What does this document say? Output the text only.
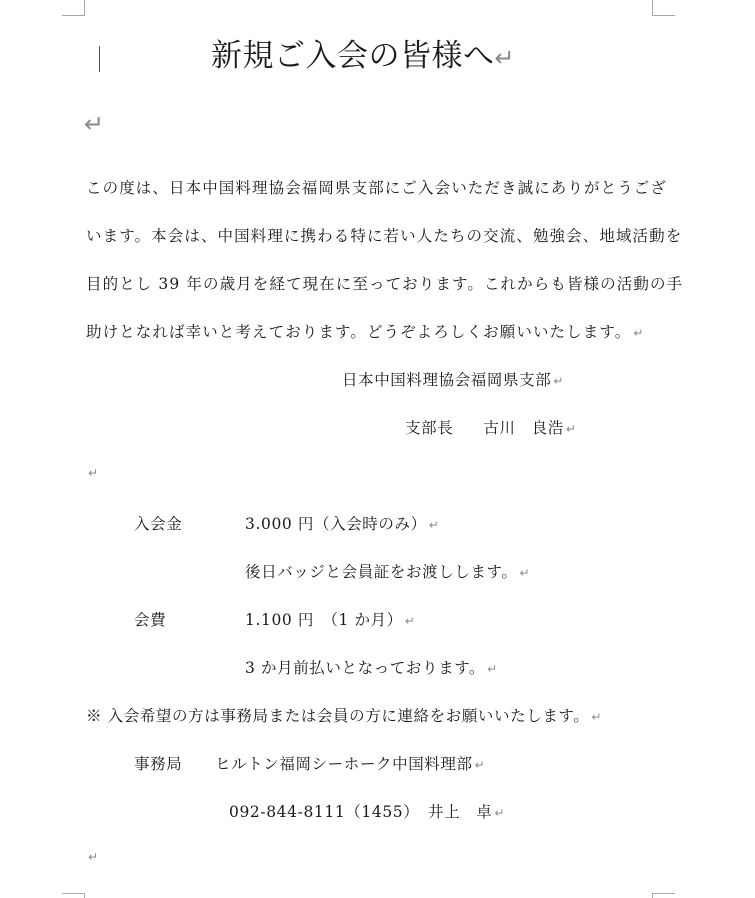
新規ご入会の皆様へ↵
↵
この度は、日本中国料理協会福岡県支部にご入会いただき誠にありがとうござ
います。本会は、中国料理に携わる特に若い人たちの交流、勉強会、地域活動を
目的とし 39 年の歳月を経て現在に至っております。これからも皆様の活動の手
助けとなれば幸いと考えております。どうぞよろしくお願いいたします。 ↵
日本中国料理協会福岡県支部 ↵
支部長 古川　良浩 ↵
↵
入会金	3.000 円（入会時のみ） ↵
後日バッジと会員証をお渡しします。 ↵
会費	1.100 円　（1 か月） ↵
3 か月前払いとなっております。 ↵
※ 入会希望の方は事務局または会員の方に連絡をお願いいたします。 ↵
事務局 ヒルトン福岡シーホーク中国料理部 ↵
092-844-8111（1455） 井上　卓 ↵
↵
